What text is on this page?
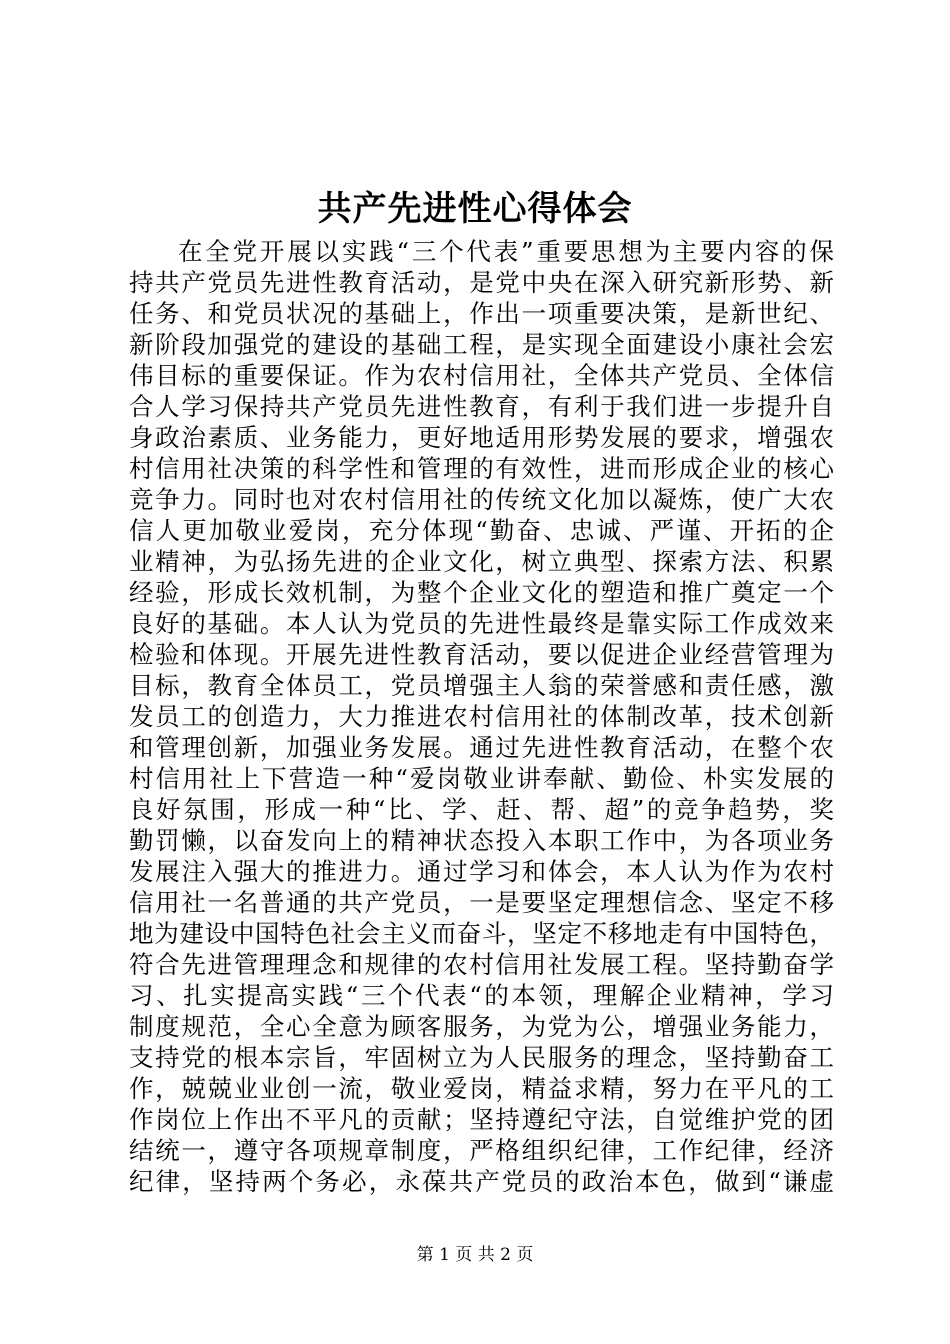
共产先进性心得体会
在全党开展以实践“三个代表”重要思想为主要内容的保
持共产党员先进性教育活动，是党中央在深入研究新形势、新
任务、和党员状况的基础上，作出一项重要决策，是新世纪、
新阶段加强党的建设的基础工程，是实现全面建设小康社会宏
伟目标的重要保证。作为农村信用社，全体共产党员、全体信
合人学习保持共产党员先进性教育，有利于我们进一步提升自
身政治素质、业务能力，更好地适用形势发展的要求，增强农
村信用社决策的科学性和管理的有效性，进而形成企业的核心
竞争力。同时也对农村信用社的传统文化加以凝炼，使广大农
信人更加敬业爱岗，充分体现“勤奋、忠诚、严谨、开拓的企
业精神，为弘扬先进的企业文化，树立典型、探索方法、积累
经验，形成长效机制，为整个企业文化的塑造和推广奠定一个
良好的基础。本人认为党员的先进性最终是靠实际工作成效来
检验和体现。开展先进性教育活动，要以促进企业经营管理为
目标，教育全体员工，党员增强主人翁的荣誉感和责任感，激
发员工的创造力，大力推进农村信用社的体制改革，技术创新
和管理创新，加强业务发展。通过先进性教育活动，在整个农
村信用社上下营造一种“爱岗敬业讲奉献、勤俭、朴实发展的
良好氛围，形成一种“比、学、赶、帮、超”的竞争趋势，奖
勤罚懒，以奋发向上的精神状态投入本职工作中，为各项业务
发展注入强大的推进力。通过学习和体会，本人认为作为农村
信用社一名普通的共产党员，一是要坚定理想信念、坚定不移
地为建设中国特色社会主义而奋斗，坚定不移地走有中国特色，
符合先进管理理念和规律的农村信用社发展工程。坚持勤奋学
习、扎实提高实践“三个代表“的本领，理解企业精神，学习
制度规范，全心全意为顾客服务，为党为公，增强业务能力，
支持党的根本宗旨，牢固树立为人民服务的理念，坚持勤奋工
作，兢兢业业创一流，敬业爱岗，精益求精，努力在平凡的工
作岗位上作出不平凡的贡献；坚持遵纪守法，自觉维护党的团
结统一，遵守各项规章制度，严格组织纪律，工作纪律，经济
纪律，坚持两个务必，永葆共产党员的政治本色，做到“谦虚
第 1 页 共 2 页
